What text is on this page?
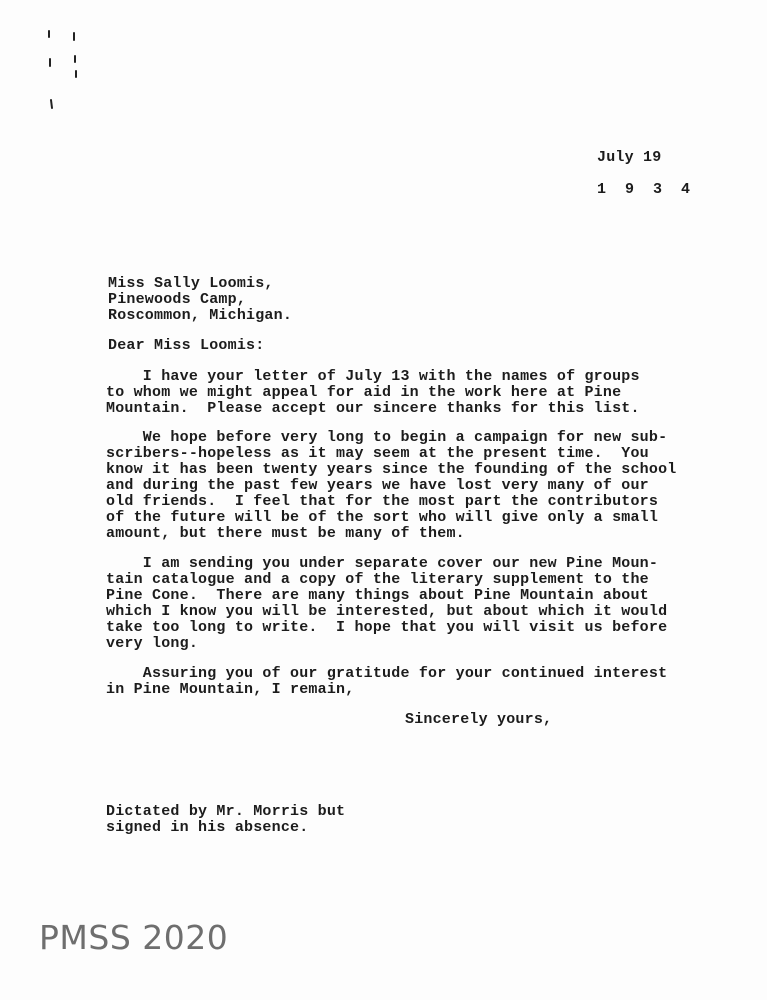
July 19
1 9 3 4
Miss Sally Loomis,
Pinewoods Camp,
Roscommon, Michigan.
Dear Miss Loomis:
I have your letter of July 13 with the names of groups
to whom we might appeal for aid in the work here at Pine
Mountain.  Please accept our sincere thanks for this list.
We hope before very long to begin a campaign for new sub-
scribers--hopeless as it may seem at the present time.  You
know it has been twenty years since the founding of the school
and during the past few years we have lost very many of our
old friends.  I feel that for the most part the contributors
of the future will be of the sort who will give only a small
amount, but there must be many of them.
I am sending you under separate cover our new Pine Moun-
tain catalogue and a copy of the literary supplement to the
Pine Cone.  There are many things about Pine Mountain about
which I know you will be interested, but about which it would
take too long to write.  I hope that you will visit us before
very long.
Assuring you of our gratitude for your continued interest
in Pine Mountain, I remain,
Sincerely yours,
Dictated by Mr. Morris but
signed in his absence.
PMSS 2020
